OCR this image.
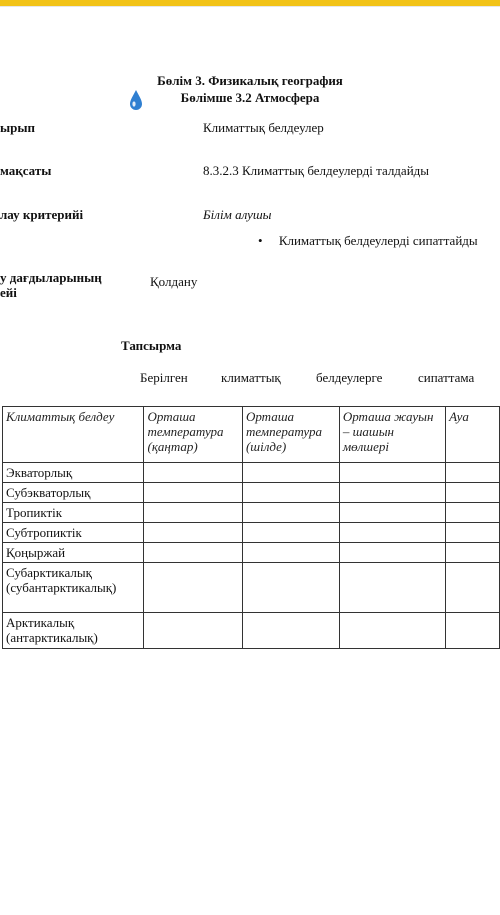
Бөлім 3. Физикалық география
Бөлімше 3.2 Атмосфера
ырып	Климаттық белдеулер
мақсаты	8.3.2.3 Климаттық белдеулерді талдайды
лау критерийі	Білім алушы
• Климаттық белдеулерді сипаттайды
у дағдыларының
ейі
Қолдану
Тапсырма
Берілген	климаттық	белдеулерге	сипаттама
Климаттық белдеу	Орташа температура (қаңтар)	Орташа температура (шілде)	Орташа жауын – шашын мөлшері	Ауа
Экваторлық				
Субэкваторлық				
Тропиктік				
Субтропиктік				
Қоңыржай				
Субарктикалық (субантарктикалық)				
Арктикалық (антарктикалық)				
